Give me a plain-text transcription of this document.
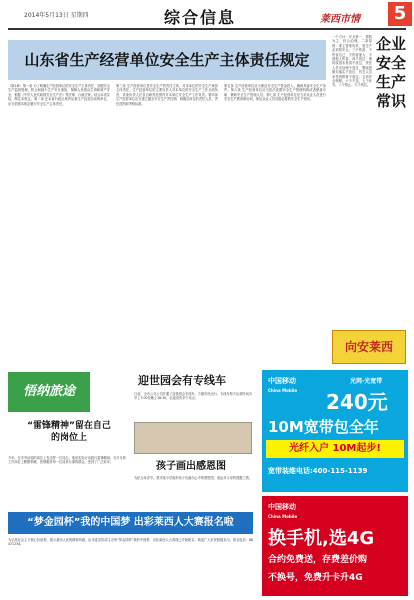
2014年5月13日 星期四	综合信息	莱西市情	5
山东省生产经营单位安全生产主体责任规定
（第1章）第一条 为了明确生产经营单位的安全生产主体责任，加强安全生产监督管理，防止和减少生产安全事故，保障人民群众生命和财产安全，根据《中华人民共和国安全生产法》等法律、行政法规，结合本省实际，制定本规定。第二条 在本省行政区域内从事生产经营活动的单位，应当依照本规定履行安全生产主体责任。
第三条 生产经营单位是安全生产的责任主体，对本单位的安全生产承担主体责任。生产经营单位的主要负责人对本单位的安全生产工作全面负责，其他负责人在各自职责范围内对本单位安全生产工作负责。第四条 生产经营单位应当建立健全安全生产责任制，明确各岗位的责任人员、责任范围和考核标准。
第五条 生产经营单位应当保证安全生产资金投入，确保具备安全生产条件。第六条 生产经营单位应当依法设置安全生产管理机构或者配备专职、兼职安全生产管理人员。第七条 生产经营单位应当对从业人员进行安全生产教育和培训，保证从业人员具备必要的安全生产知识。
一个方针：安全第一、预防为主、综合治理。二条原则：谁主管谁负责、管生产必须管安全。三不伤害：不伤害自己、不伤害他人、不被他人伤害。四不放过：事故原因未查清不放过、责任人员未处理不放过、整改措施未落实不放过、有关人员未受到教育不放过。五项安全规程。六个不变。七个环节。八个禁止。九个到位。
企业安全生产常识
向安莱西
悟纳旅途
“雷锋精神”留在自己的岗位上
今年，在市劳动局的岗位上有这样一位同志，他用实际行动践行雷锋精神，在平凡的工作岗位上默默奉献，热情服务每一位前来办事的群众，受到了广泛好评。
迎世园会有专线车
日前，全市公交公司开通了迎世园会专线车，方便市民出行。专线车每天运营时间为早上7:00至晚上18:30，沿途设有多个站点。
孩子画出感恩图
为纪念母亲节，我市某小学组织孩子们画出心中的感恩图，表达对父母的感激之情。
“梦金园杯”我的中国梦 出彩莱西人大赛报名啦
为弘扬社会主义核心价值观，展示莱西人民的精神风貌，由市委宣传部主办的“梦金园杯”我的中国梦，出彩莱西人大赛现已开始报名。欢迎广大市民积极参与。报名电话：88471234。
中国移动
China Mobile
光网·光宽带
240元
10M宽带包全年
光纤入户 10M起步!
宽带装维电话:400-115-1139
中国移动
China Mobile
换手机,选4G
合约免费送，存费差价购
不换号，免费升卡升4G
